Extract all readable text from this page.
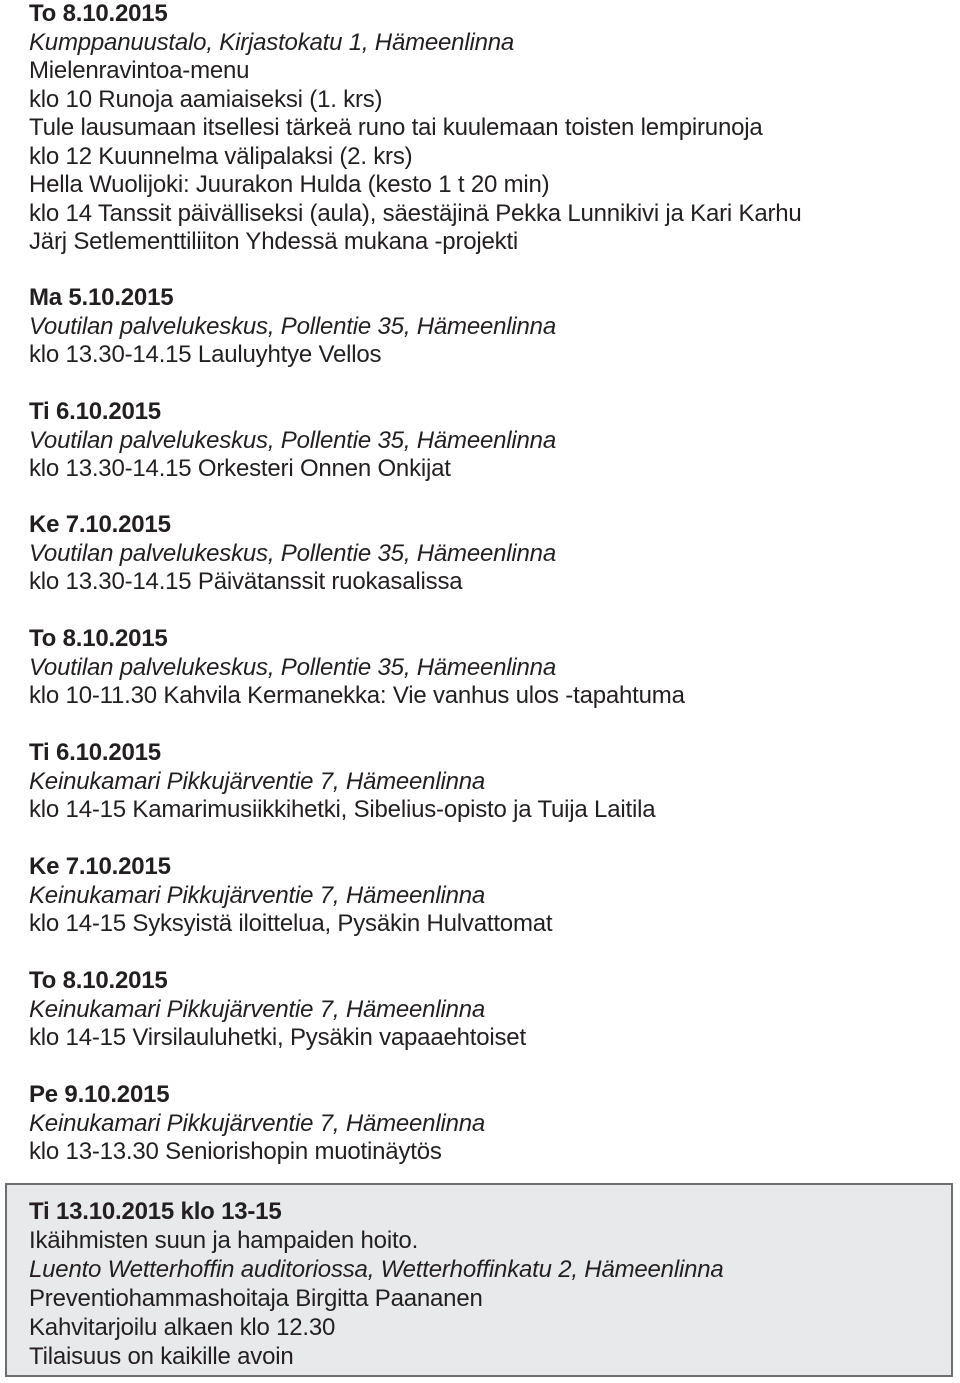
To 8.10.2015
Kumppanuustalo, Kirjastokatu 1, Hämeenlinna
Mielenravintoa-menu
klo 10 Runoja aamiaiseksi (1. krs)
Tule lausumaan itsellesi tärkeä runo tai kuulemaan toisten lempirunoja
klo 12 Kuunnelma välipalaksi (2. krs)
Hella Wuolijoki: Juurakon Hulda (kesto 1 t 20 min)
klo 14 Tanssit päivälliseksi (aula), säestäjinä Pekka Lunnikivi ja Kari Karhu
Järj Setlementtiliiton Yhdessä mukana -projekti
Ma 5.10.2015
Voutilan palvelukeskus, Pollentie 35, Hämeenlinna
klo 13.30-14.15 Lauluyhtye Vellos
Ti 6.10.2015
Voutilan palvelukeskus, Pollentie 35, Hämeenlinna
klo 13.30-14.15 Orkesteri Onnen Onkijat
Ke 7.10.2015
Voutilan palvelukeskus, Pollentie 35, Hämeenlinna
klo 13.30-14.15 Päivätanssit ruokasalissa
To 8.10.2015
Voutilan palvelukeskus, Pollentie 35, Hämeenlinna
klo 10-11.30 Kahvila Kermanekka: Vie vanhus ulos -tapahtuma
Ti 6.10.2015
Keinukamari Pikkujärventie 7, Hämeenlinna
klo 14-15 Kamarimusiikkihetki, Sibelius-opisto ja Tuija Laitila
Ke 7.10.2015
Keinukamari Pikkujärventie 7, Hämeenlinna
klo 14-15 Syksyistä iloittelua, Pysäkin Hulvattomat
To 8.10.2015
Keinukamari Pikkujärventie 7, Hämeenlinna
klo 14-15 Virsilauluhetki, Pysäkin vapaaehtoiset
Pe 9.10.2015
Keinukamari Pikkujärventie 7, Hämeenlinna
klo 13-13.30 Seniorishopin muotinäytös
Ti 13.10.2015 klo 13-15
Ikäihmisten suun ja hampaiden hoito.
Luento Wetterhoffin auditoriossa, Wetterhoffinkatu 2, Hämeenlinna
Preventiohammashoitaja Birgitta Paananen
Kahvitarjoilu alkaen klo 12.30
Tilaisuus on kaikille avoin
